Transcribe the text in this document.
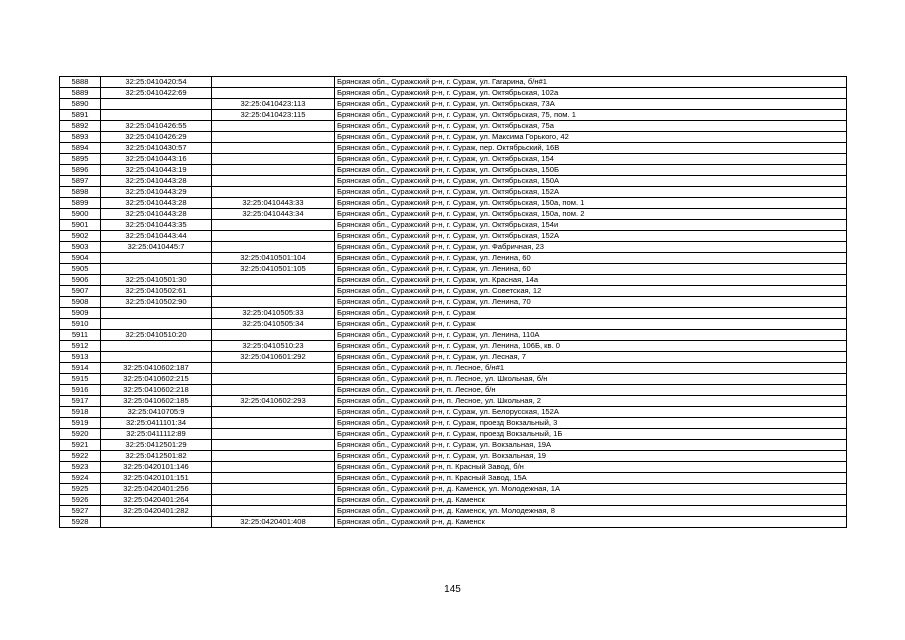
5888	32:25:0410420:54		Брянская обл., Суражский р-н, г. Сураж, ул. Гагарина, б/н#1
5889	32:25:0410422:69		Брянская обл., Суражский р-н, г. Сураж, ул. Октябрьская, 102а
5890		32:25:0410423:113	Брянская обл., Суражский р-н, г. Сураж, ул. Октябрьская, 73А
5891		32:25:0410423:115	Брянская обл., Суражский р-н, г. Сураж, ул. Октябрьская, 75, пом. 1
5892	32:25:0410426:55		Брянская обл., Суражский р-н, г. Сураж, ул. Октябрьская, 75а
5893	32:25:0410426:29		Брянская обл., Суражский р-н, г. Сураж, ул. Максима Горького, 42
5894	32:25:0410430:57		Брянская обл., Суражский р-н, г. Сураж, пер. Октябрьский, 16В
5895	32:25:0410443:16		Брянская обл., Суражский р-н, г. Сураж, ул. Октябрьская, 154
5896	32:25:0410443:19		Брянская обл., Суражский р-н, г. Сураж, ул. Октябрьская, 150Б
5897	32:25:0410443:28		Брянская обл., Суражский р-н, г. Сураж, ул. Октябрьская, 150А
5898	32:25:0410443:29		Брянская обл., Суражский р-н, г. Сураж, ул. Октябрьская, 152А
5899	32:25:0410443:28	32:25:0410443:33	Брянская обл., Суражский р-н, г. Сураж, ул. Октябрьская, 150а, пом. 1
5900	32:25:0410443:28	32:25:0410443:34	Брянская обл., Суражский р-н, г. Сураж, ул. Октябрьская, 150а, пом. 2
5901	32:25:0410443:35		Брянская обл., Суражский р-н, г. Сураж, ул. Октябрьская, 154и
5902	32:25:0410443:44		Брянская обл., Суражский р-н, г. Сураж, ул. Октябрьская, 152А
5903	32:25:0410445:7		Брянская обл., Суражский р-н, г. Сураж, ул. Фабричная, 23
5904		32:25:0410501:104	Брянская обл., Суражский р-н, г. Сураж, ул. Ленина, 60
5905		32:25:0410501:105	Брянская обл., Суражский р-н, г. Сураж, ул. Ленина, 60
5906	32:25:0410501:30		Брянская обл., Суражский р-н, г. Сураж, ул. Красная, 14а
5907	32:25:0410502:61		Брянская обл., Суражский р-н, г. Сураж, ул. Советская, 12
5908	32:25:0410502:90		Брянская обл., Суражский р-н, г. Сураж, ул. Ленина, 70
5909		32:25:0410505:33	Брянская обл., Суражский р-н, г. Сураж
5910		32:25:0410505:34	Брянская обл., Суражский р-н, г. Сураж
5911	32:25:0410510:20		Брянская обл., Суражский р-н, г. Сураж, ул. Ленина, 110А
5912		32:25:0410510:23	Брянская обл., Суражский р-н, г. Сураж, ул. Ленина, 106Б, кв. 0
5913		32:25:0410601:292	Брянская обл., Суражский р-н, г. Сураж, ул. Лесная, 7
5914	32:25:0410602:187		Брянская обл., Суражский р-н, п. Лесное, б/н#1
5915	32:25:0410602:215		Брянская обл., Суражский р-н, п. Лесное, ул. Школьная, б/н
5916	32:25:0410602:218		Брянская обл., Суражский р-н, п. Лесное, б/н
5917	32:25:0410602:185	32:25:0410602:293	Брянская обл., Суражский р-н, п. Лесное, ул. Школьная, 2
5918	32:25:0410705:9		Брянская обл., Суражский р-н, г. Сураж, ул. Белорусская, 152А
5919	32:25:0411101:34		Брянская обл., Суражский р-н, г. Сураж, проезд Вокзальный, 3
5920	32:25:0411112:89		Брянская обл., Суражский р-н, г. Сураж, проезд Вокзальный, 1Б
5921	32:25:0412501:29		Брянская обл., Суражский р-н, г. Сураж, ул. Вокзальная, 19А
5922	32:25:0412501:82		Брянская обл., Суражский р-н, г. Сураж, ул. Вокзальная, 19
5923	32:25:0420101:146		Брянская обл., Суражский р-н, п. Красный Завод, б/н
5924	32:25:0420101:151		Брянская обл., Суражский р-н, п. Красный Завод, 15А
5925	32:25:0420401:256		Брянская обл., Суражский р-н, д. Каменск, ул. Молодежная, 1А
5926	32:25:0420401:264		Брянская обл., Суражский р-н, д. Каменск
5927	32:25:0420401:282		Брянская обл., Суражский р-н, д. Каменск, ул. Молодежная, 8
5928		32:25:0420401:408	Брянская обл., Суражский р-н, д. Каменск
145
